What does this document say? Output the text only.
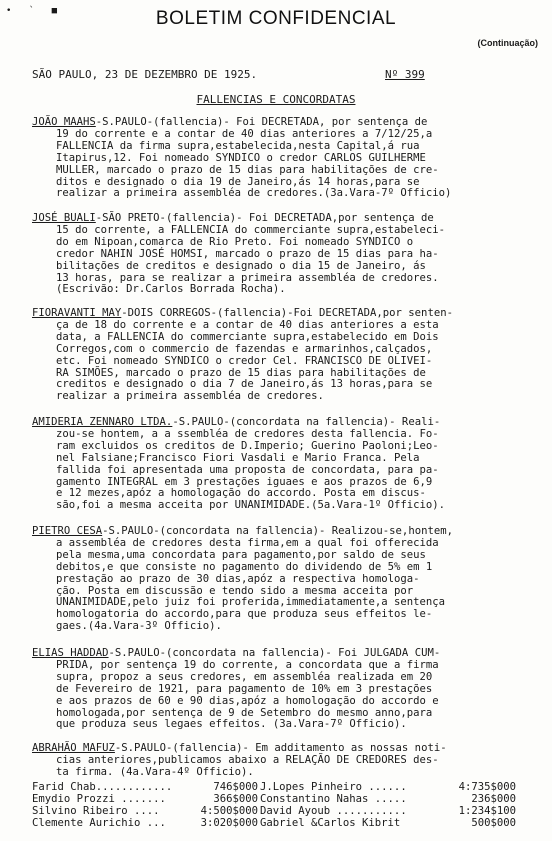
• ` ■	BOLETIM CONFIDENCIAL
(Continuação)
SÃO PAULO, 23 DE DEZEMBRO DE 1925.	Nº 399
FALLENCIAS E CONCORDATAS
JOÃO MAAHS-S.PAULO-(fallencia)- Foi DECRETADA, por sentença de
19 do corrente e a contar de 40 dias anteriores a 7/12/25,a
FALLENCIA da firma supra,estabelecida,nesta Capital,á rua
Itapirus,12. Foi nomeado SYNDICO o credor CARLOS GUILHERME
MULLER, marcado o prazo de 15 dias para habilitações de cre-
ditos e designado o dia 19 de Janeiro,ás 14 horas,para se
realizar a primeira assembléa de credores.(3a.Vara-7º Officio)
JOSÉ BUALI-SÃO PRETO-(fallencia)- Foi DECRETADA,por sentença de
15 do corrente, a FALLENCIA do commerciante supra,estabeleci-
do em Nipoan,comarca de Rio Preto. Foi nomeado SYNDICO o
credor NAHIN JOSÉ HOMSI, marcado o prazo de 15 dias para ha-
bilitações de creditos e designado o dia 15 de Janeiro, ás
13 horas, para se realizar a primeira assembléa de credores.
(Escrivão: Dr.Carlos Borrada Rocha).
FIORAVANTI MAY-DOIS CORREGOS-(fallencia)-Foi DECRETADA,por senten-
ça de 18 do corrente e a contar de 40 dias anteriores a esta
data, a FALLENCIA do commerciante supra,estabelecido em Dois
Corregos,com o commercio de fazendas e armarinhos,calçados,
etc. Foi nomeado SYNDICO o credor Cel. FRANCISCO DE OLIVEI-
RA SIMÕES, marcado o prazo de 15 dias para habilitações de
creditos e designado o dia 7 de Janeiro,ás 13 horas,para se
realizar a primeira assembléa de credores.
AMIDERIA ZENNARO LTDA.-S.PAULO-(concordata na fallencia)- Reali-
zou-se hontem, a a ssembléa de credores desta fallencia. Fo-
ram excluidos os creditos de D.Imperio; Guerino Paoloni;Leo-
nel Falsiane;Francisco Fiori Vasdali e Mario Franca. Pela
fallida foi apresentada uma proposta de concordata, para pa-
gamento INTEGRAL em 3 prestações iguaes e aos prazos de 6,9
e 12 mezes,apóz a homologação do accordo. Posta em discus-
são,foi a mesma acceita por UNANIMIDADE.(5a.Vara-1º Officio).
PIETRO CESA-S.PAULO-(concordata na fallencia)- Realizou-se,hontem,
a assembléa de credores desta firma,em a qual foi offerecida
pela mesma,uma concordata para pagamento,por saldo de seus
debitos,e que consiste no pagamento do dividendo de 5% em 1
prestação ao prazo de 30 dias,apóz a respectiva homologa-
ção. Posta em discussão e tendo sido a mesma acceita por
UNANIMIDADE,pelo juiz foi proferida,immediatamente,a sentença
homologatoria do accordo,para que produza seus effeitos le-
gaes.(4a.Vara-3º Officio).
ELIAS HADDAD-S.PAULO-(concordata na fallencia)- Foi JULGADA CUM-
PRIDA, por sentença 19 do corrente, a concordata que a firma
supra, propoz a seus credores, em assembléa realizada em 20
de Fevereiro de 1921, para pagamento de 10% em 3 prestações
e aos prazos de 60 e 90 dias,apóz a homologação do accordo e
homologada,por sentença de 9 de Setembro do mesmo anno,para
que produza seus legaes effeitos. (3a.Vara-7º Officio).
ABRAHÃO MAFUZ-S.PAULO-(fallencia)- Em additamento as nossas noti-
cias anteriores,publicamos abaixo a RELAÇÃO DE CREDORES des-
ta firma. (4a.Vara-4º Officio).
Farid Chab............	746$000 J.Lopes Pinheiro ......	4:735$000
Emydio Prozzi .......	366$000 Constantino Nahas .....	236$000
Silvino Ribeiro ....	4:500$000 David Ayoub ...........	1:234$100
Clemente Aurichio ...	3:020$000 Gabriel &Carlos Kibrit	500$000
